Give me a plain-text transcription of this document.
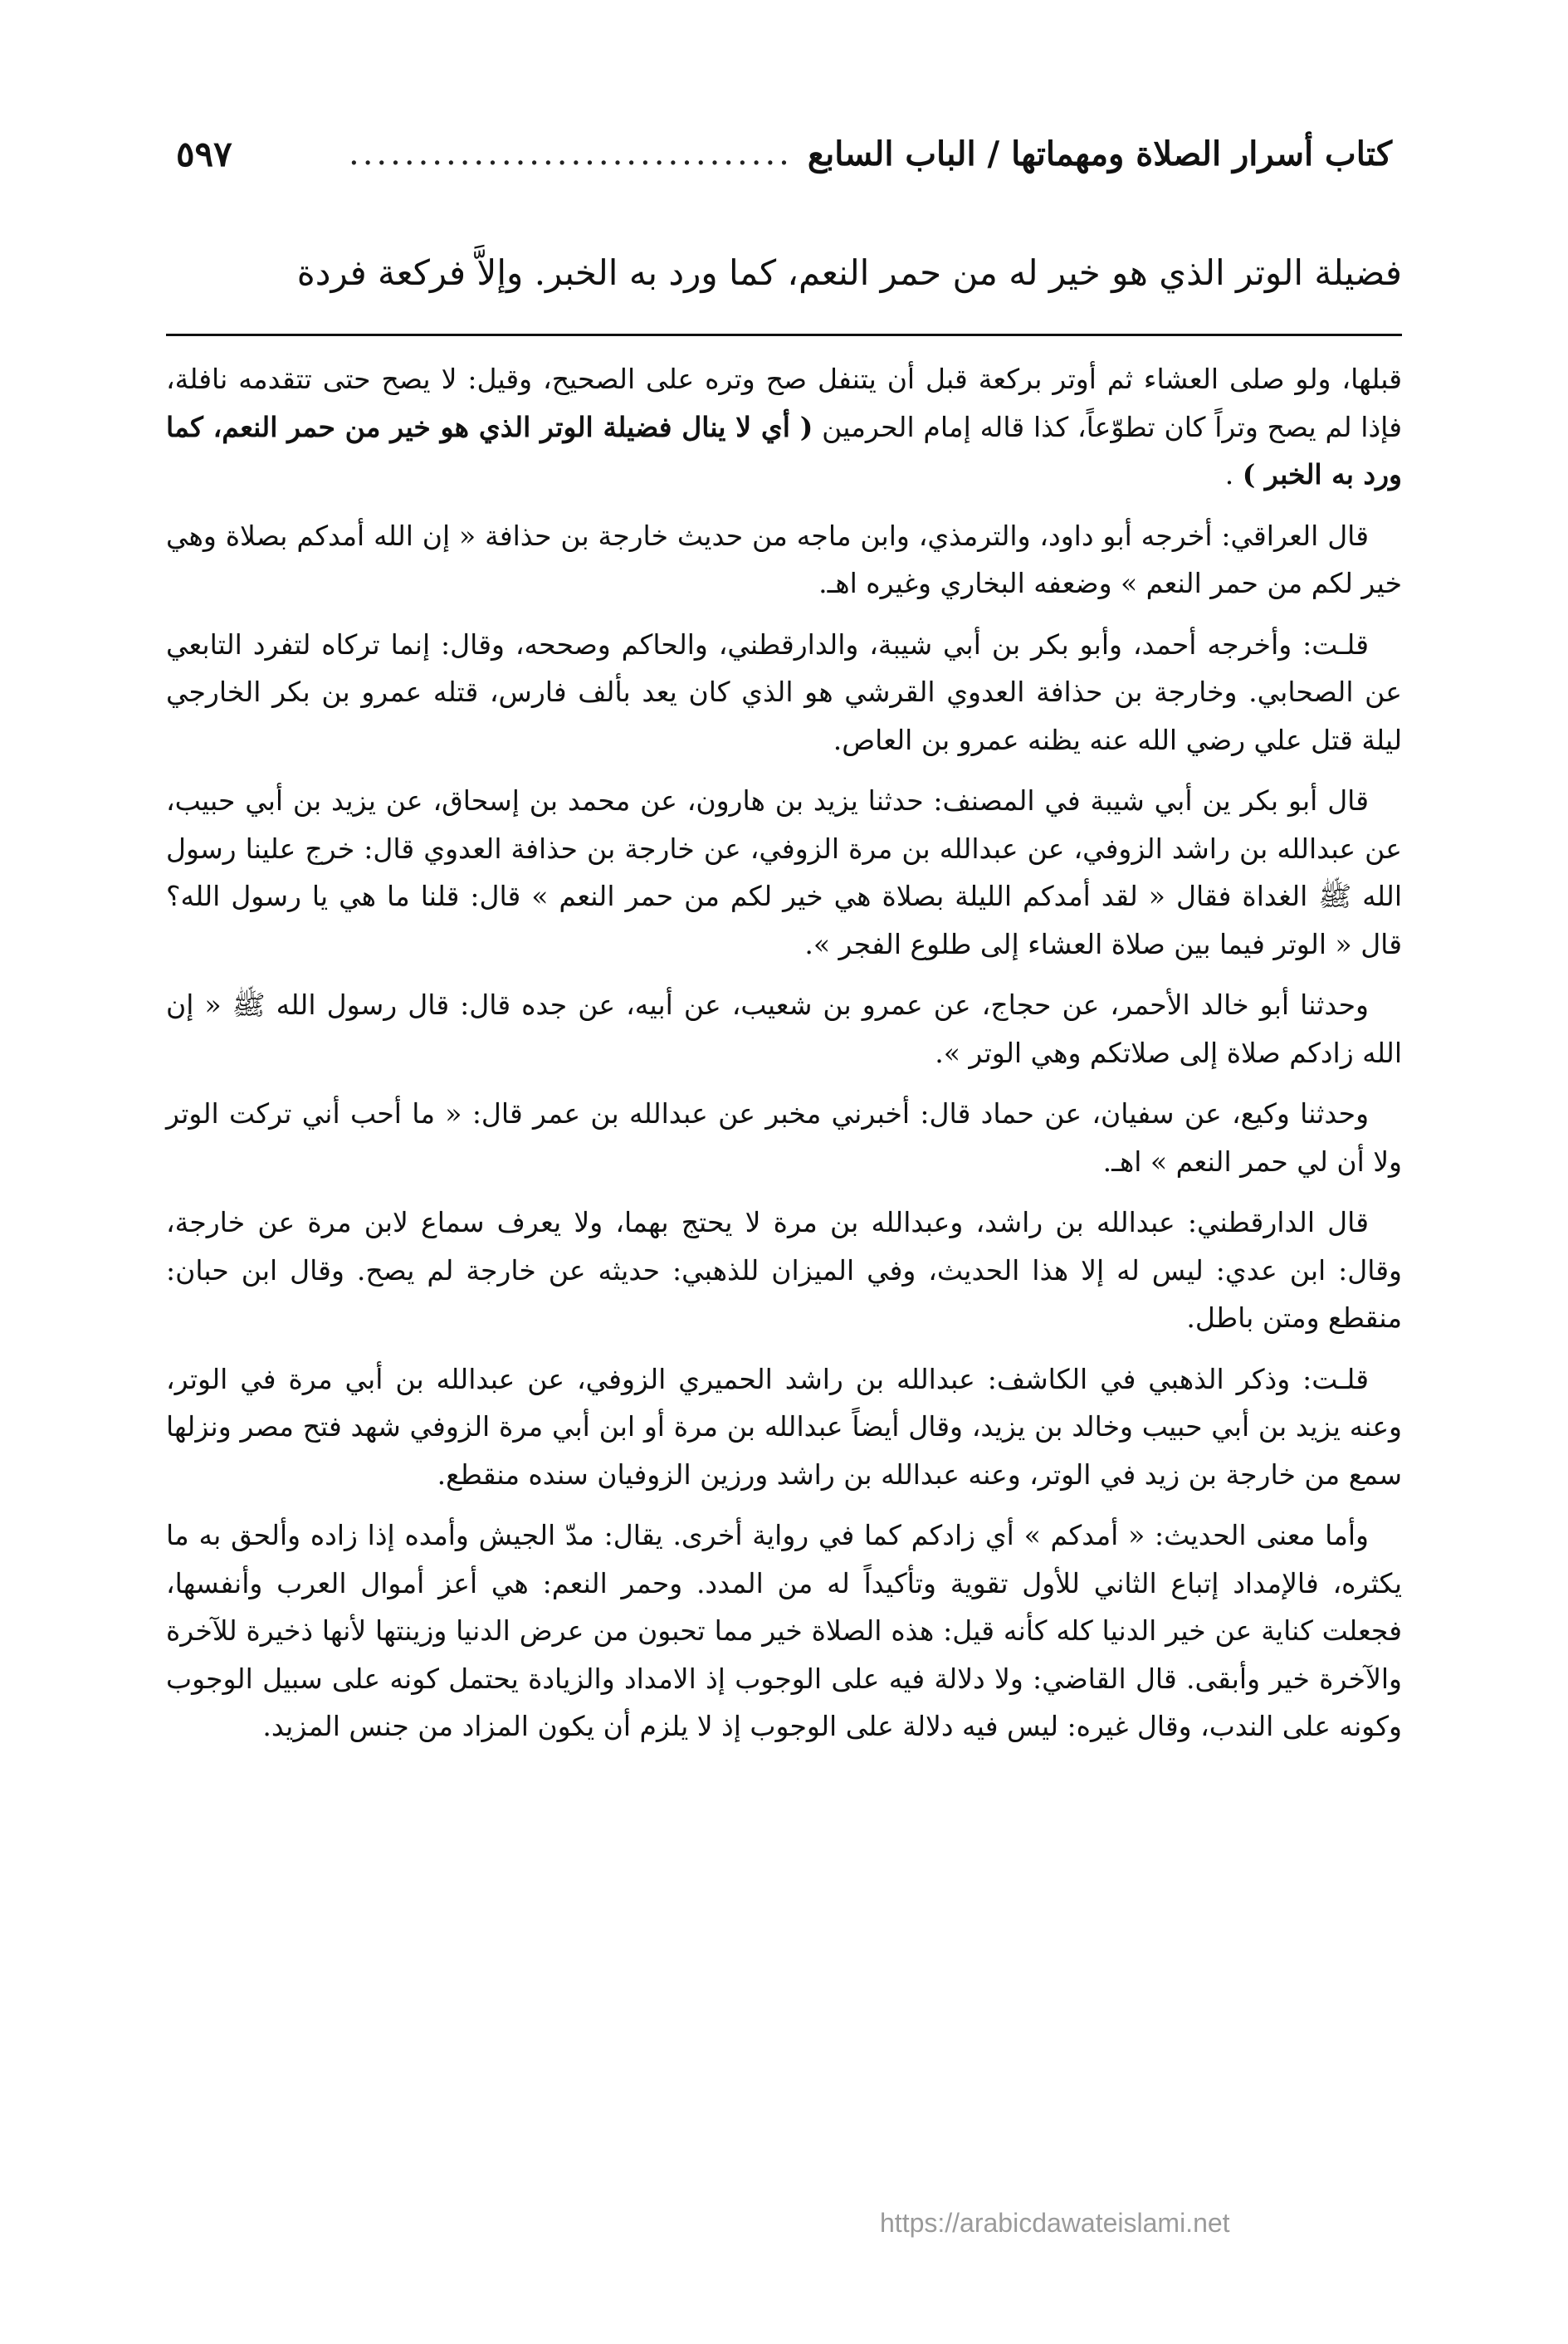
كتاب أسرار الصلاة ومهماتها / الباب السابع
................................
٥٩٧
فضيلة الوتر الذي هو خير له من حمر النعم، كما ورد به الخبر. وإلاَّ فركعة فردة

قبلها، ولو صلى العشاء ثم أوتر بركعة قبل أن يتنفل صح وتره على الصحيح، وقيل: لا يصح حتى تتقدمه نافلة، فإذا لم يصح وتراً كان تطوّعاً، كذا قاله إمام الحرمين ( أي لا ينال فضيلة الوتر الذي هو خير من حمر النعم، كما ورد به الخبر ) .

قال العراقي: أخرجه أبو داود، والترمذي، وابن ماجه من حديث خارجة بن حذافة « إن الله أمدكم بصلاة وهي خير لكم من حمر النعم » وضعفه البخاري وغيره اهـ.

قلـت: وأخرجه أحمد، وأبو بكر بن أبي شيبة، والدارقطني، والحاكم وصححه، وقال: إنما تركاه لتفرد التابعي عن الصحابي. وخارجة بن حذافة العدوي القرشي هو الذي كان يعد بألف فارس، قتله عمرو بن بكر الخارجي ليلة قتل علي رضي الله عنه يظنه عمرو بن العاص.

قال أبو بكر ين أبي شيبة في المصنف: حدثنا يزيد بن هارون، عن محمد بن إسحاق، عن يزيد بن أبي حبيب، عن عبدالله بن راشد الزوفي، عن عبدالله بن مرة الزوفي، عن خارجة بن حذافة العدوي قال: خرج علينا رسول الله ﷺ الغداة فقال « لقد أمدكم الليلة بصلاة هي خير لكم من حمر النعم » قال: قلنا ما هي يا رسول الله؟ قال « الوتر فيما بين صلاة العشاء إلى طلوع الفجر ».

وحدثنا أبو خالد الأحمر، عن حجاج، عن عمرو بن شعيب، عن أبيه، عن جده قال: قال رسول الله ﷺ « إن الله زادكم صلاة إلى صلاتكم وهي الوتر ».

وحدثنا وكيع، عن سفيان، عن حماد قال: أخبرني مخبر عن عبدالله بن عمر قال: « ما أحب أني تركت الوتر ولا أن لي حمر النعم » اهـ.

قال الدارقطني: عبدالله بن راشد، وعبدالله بن مرة لا يحتج بهما، ولا يعرف سماع لابن مرة عن خارجة، وقال: ابن عدي: ليس له إلا هذا الحديث، وفي الميزان للذهبي: حديثه عن خارجة لم يصح. وقال ابن حبان: منقطع ومتن باطل.

قلـت: وذكر الذهبي في الكاشف: عبدالله بن راشد الحميري الزوفي، عن عبدالله بن أبي مرة في الوتر، وعنه يزيد بن أبي حبيب وخالد بن يزيد، وقال أيضاً عبدالله بن مرة أو ابن أبي مرة الزوفي شهد فتح مصر ونزلها سمع من خارجة بن زيد في الوتر، وعنه عبدالله بن راشد ورزين الزوفيان سنده منقطع.

وأما معنى الحديث: « أمدكم » أي زادكم كما في رواية أخرى. يقال: مدّ الجيش وأمده إذا زاده وألحق به ما يكثره، فالإمداد إتباع الثاني للأول تقوية وتأكيداً له من المدد. وحمر النعم: هي أعز أموال العرب وأنفسها، فجعلت كناية عن خير الدنيا كله كأنه قيل: هذه الصلاة خير مما تحبون من عرض الدنيا وزينتها لأنها ذخيرة للآخرة والآخرة خير وأبقى. قال القاضي: ولا دلالة فيه على الوجوب إذ الامداد والزيادة يحتمل كونه على سبيل الوجوب وكونه على الندب، وقال غيره: ليس فيه دلالة على الوجوب إذ لا يلزم أن يكون المزاد من جنس المزيد.

https://arabicdawateislami.net
